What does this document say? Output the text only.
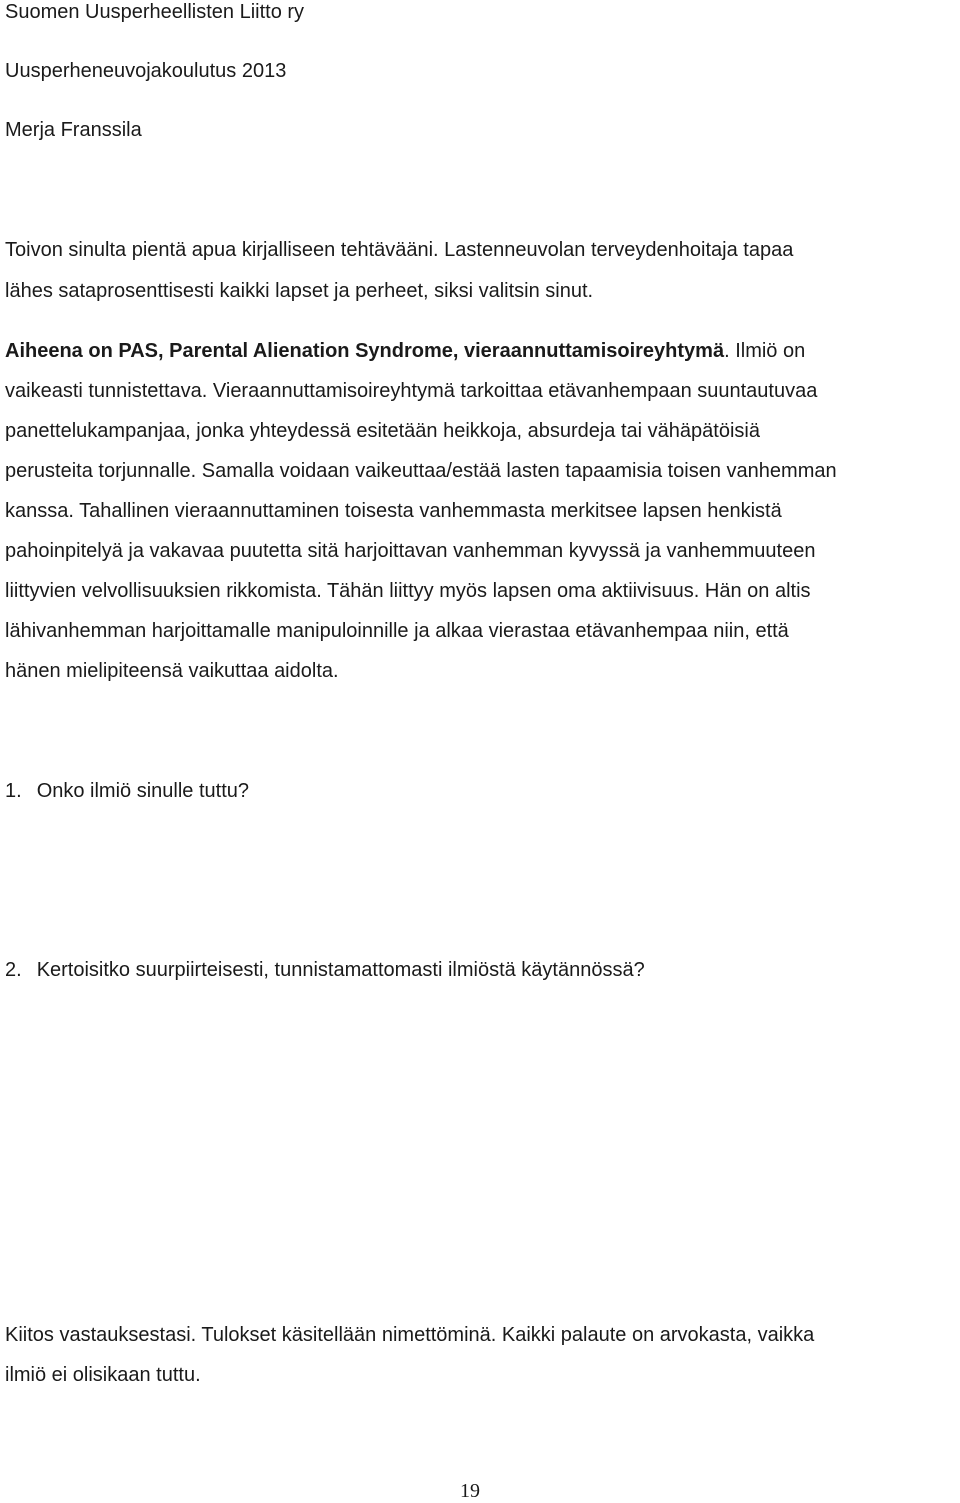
Suomen Uusperheellisten Liitto ry
Uusperheneuvojakoulutus 2013
Merja Franssila
Toivon sinulta pientä apua kirjalliseen tehtävääni. Lastenneuvolan terveydenhoitaja tapaa
lähes sataprosenttisesti kaikki lapset ja perheet, siksi valitsin sinut.
Aiheena on PAS, Parental Alienation Syndrome, vieraannuttamisoireyhtymä. Ilmiö on
vaikeasti tunnistettava. Vieraannuttamisoireyhtymä tarkoittaa etävanhempaan suuntautuvaa
panettelukampanjaa, jonka yhteydessä esitetään heikkoja, absurdeja tai vähäpätöisiä
perusteita torjunnalle. Samalla voidaan vaikeuttaa/estää lasten tapaamisia toisen vanhemman
kanssa. Tahallinen vieraannuttaminen toisesta vanhemmasta merkitsee lapsen henkistä
pahoinpitelyä ja vakavaa puutetta sitä harjoittavan vanhemman kyvyssä ja vanhemmuuteen
liittyvien velvollisuuksien rikkomista. Tähän liittyy myös lapsen oma aktiivisuus. Hän on altis
lähivanhemman harjoittamalle manipuloinnille ja alkaa vierastaa etävanhempaa niin, että
hänen mielipiteensä vaikuttaa aidolta.
1. Onko ilmiö sinulle tuttu?
2. Kertoisitko suurpiirteisesti, tunnistamattomasti ilmiöstä käytännössä?
Kiitos vastauksestasi. Tulokset käsitellään nimettöminä. Kaikki palaute on arvokasta, vaikka
ilmiö ei olisikaan tuttu.
19
